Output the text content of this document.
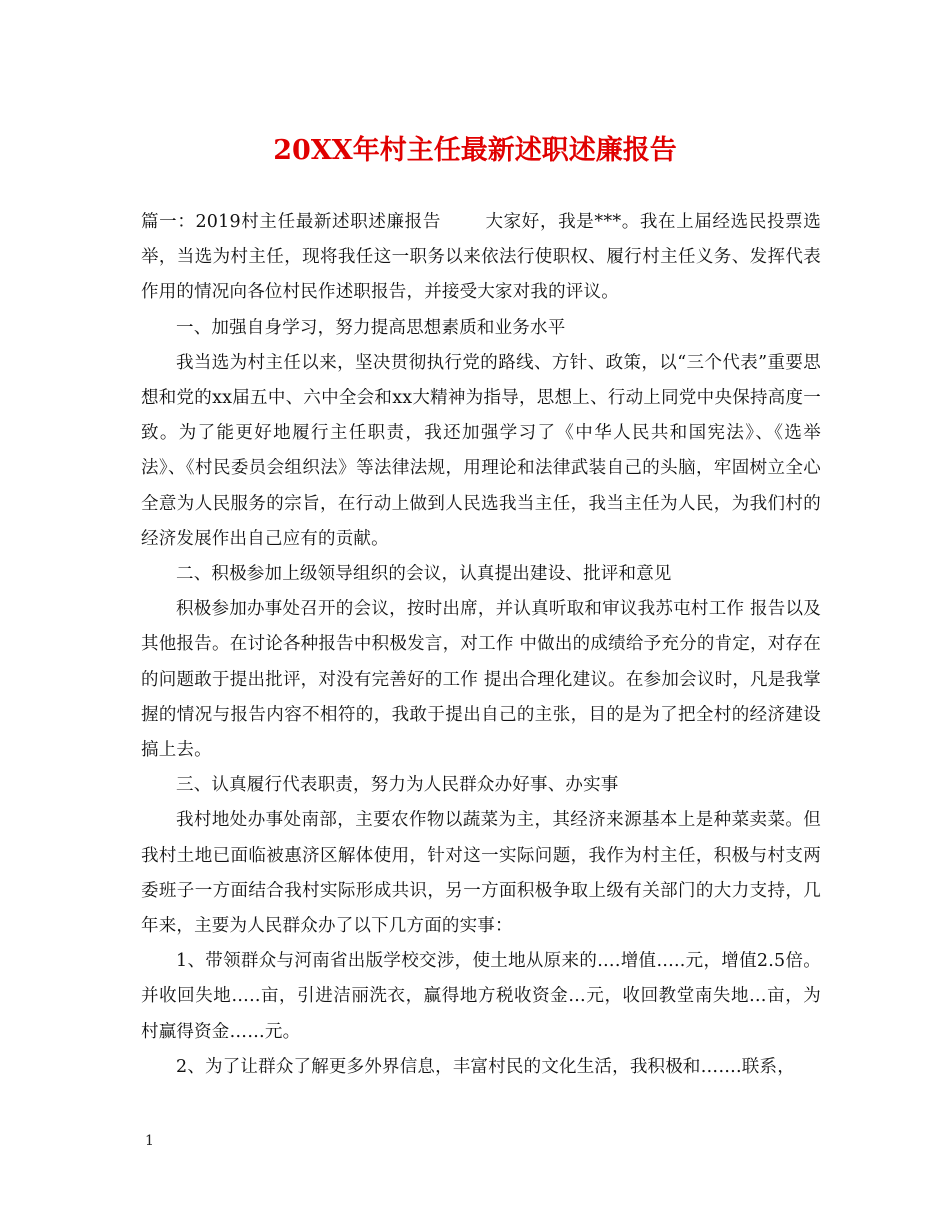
20XX年村主任最新述职述廉报告

篇一：2019村主任最新述职述廉报告	大家好，我是***。我在上届经选民投票选举，当选为村主任，现将我任这一职务以来依法行使职权、履行村主任义务、发挥代表作用的情况向各位村民作述职报告，并接受大家对我的评议。

一、加强自身学习，努力提高思想素质和业务水平

我当选为村主任以来，坚决贯彻执行党的路线、方针、政策，以“三个代表”重要思想和党的xx届五中、六中全会和xx大精神为指导，思想上、行动上同党中央保持高度一致。为了能更好地履行主任职责，我还加强学习了《中华人民共和国宪法》、《选举法》、《村民委员会组织法》等法律法规，用理论和法律武装自己的头脑，牢固树立全心全意为人民服务的宗旨，在行动上做到人民选我当主任，我当主任为人民，为我们村的经济发展作出自己应有的贡献。

二、积极参加上级领导组织的会议，认真提出建设、批评和意见

积极参加办事处召开的会议，按时出席，并认真听取和审议我苏屯村工作 报告以及其他报告。在讨论各种报告中积极发言，对工作 中做出的成绩给予充分的肯定，对存在的问题敢于提出批评，对没有完善好的工作 提出合理化建议。在参加会议时，凡是我掌握的情况与报告内容不相符的，我敢于提出自己的主张，目的是为了把全村的经济建设搞上去。

三、认真履行代表职责，努力为人民群众办好事、办实事

我村地处办事处南部，主要农作物以蔬菜为主，其经济来源基本上是种菜卖菜。但我村土地已面临被惠济区解体使用，针对这一实际问题，我作为村主任，积极与村支两委班子一方面结合我村实际形成共识，另一方面积极争取上级有关部门的大力支持，几年来，主要为人民群众办了以下几方面的实事：

1、带领群众与河南省出版学校交涉，使土地从原来的….增值…..元，增值2.5倍。并收回失地…..亩，引进洁丽洗衣，赢得地方税收资金…元，收回教堂南失地…亩，为村赢得资金……元。

2、为了让群众了解更多外界信息，丰富村民的文化生活，我积极和…….联系，

1
